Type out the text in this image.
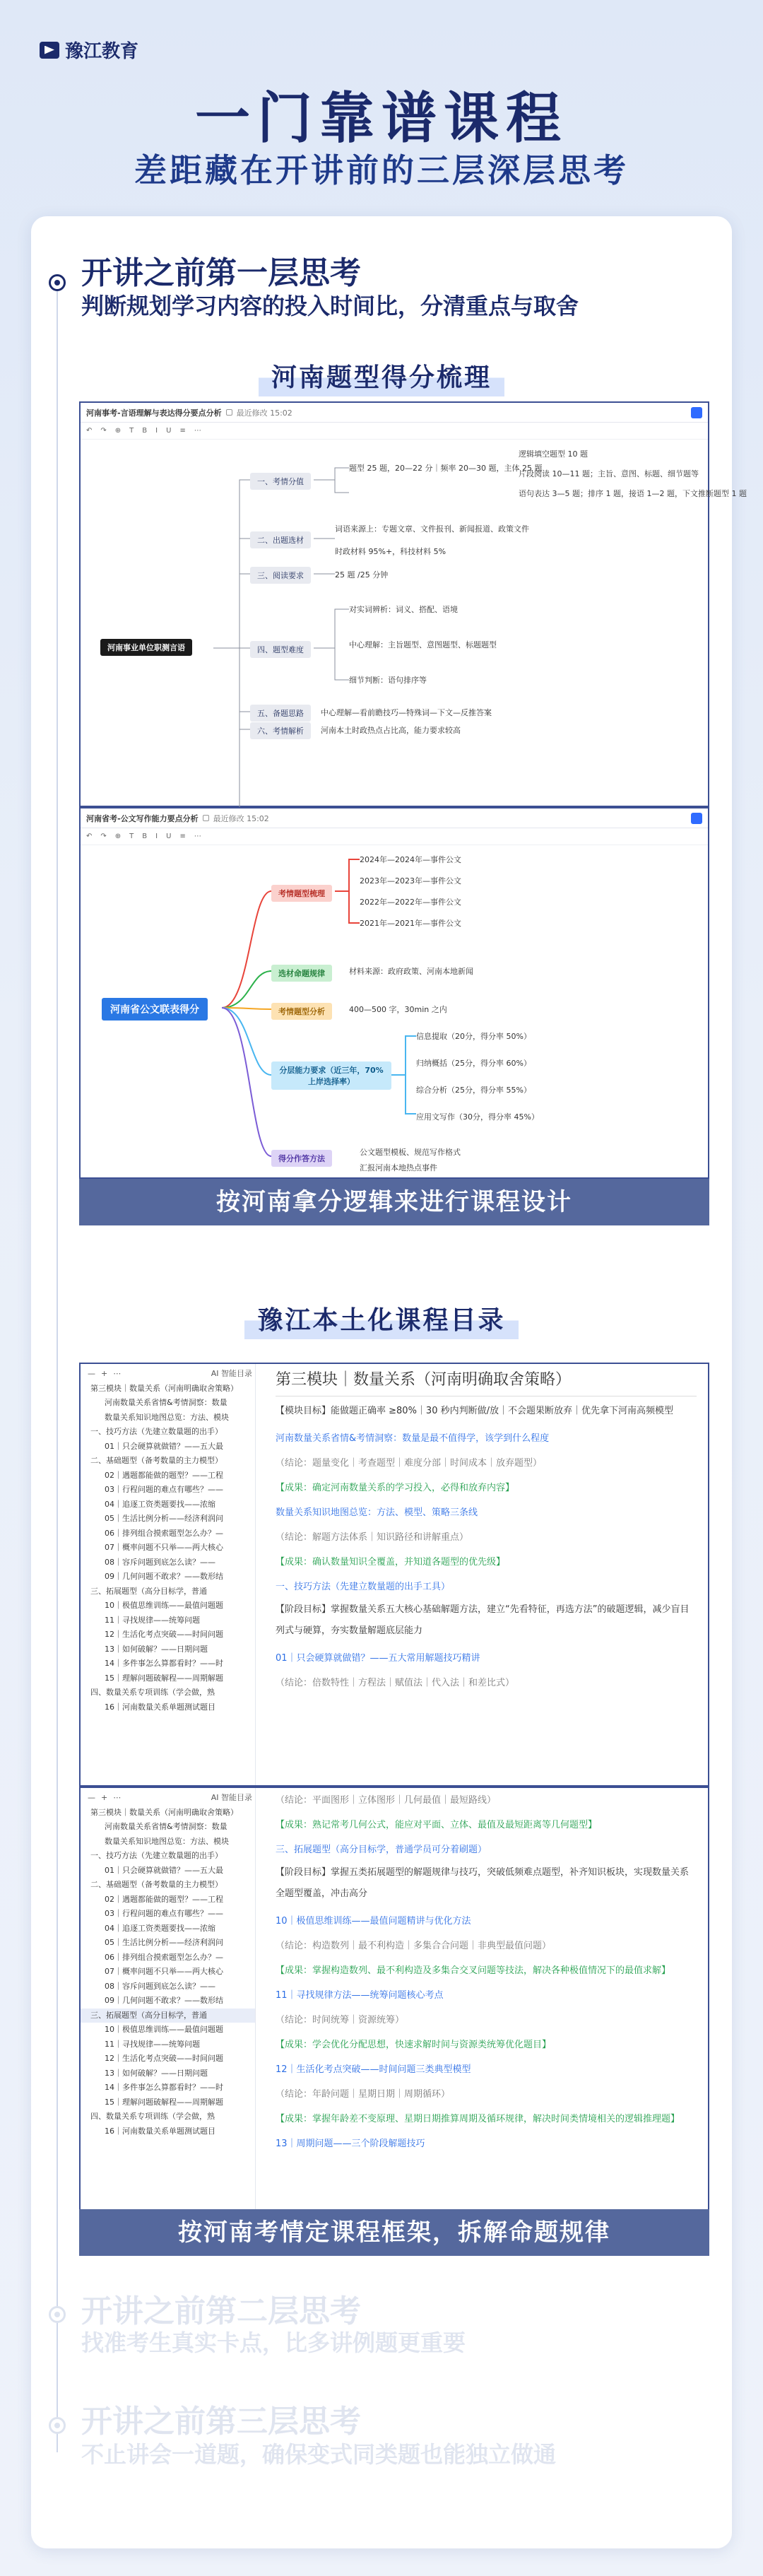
豫江教育
一门靠谱课程
差距藏在开讲前的三层深层思考
开讲之前第一层思考
判断规划学习内容的投入时间比，分清重点与取舍
河南题型得分梳理
河南事考-言语理解与表达得分要点分析 最近修改 15:02
↶ ↷ ⊕ T B I U ≡ ⋯
河南事业单位职测言语
一、考情分值
二、出题选材
三、阅读要求
四、题型难度
五、备题思路
六、考情解析
题型 25 题，20—22 分｜频率 20—30 题，主体 25 题
逻辑填空题型 10 题
片段阅读 10—11 题；主旨、意图、标题、细节题等
语句表达 3—5 题；排序 1 题，接语 1—2 题，下文推断题型 1 题
词语来源上：专题文章、文件报刊、新闻报道、政策文件
时政材料 95%+，科技材料 5%
25 题 /25 分钟
对实词辨析：词义、搭配、语境
中心理解：主旨题型、意图题型、标题题型
细节判断：语句排序等
中心理解—看前瞻技巧—特殊词—下文—反推答案
河南本土时政热点占比高，能力要求较高
河南省考-公文写作能力要点分析 最近修改 15:02
↶ ↷ ⊕ T B I U ≡ ⋯
河南省公文联表得分
考情题型梳理
选材命题规律
考情题型分析
分层能力要求（近三年，70%上岸选择率）
得分作答方法
2024年—2024年—事件公文
2023年—2023年—事件公文
2022年—2022年—事件公文
2021年—2021年—事件公文
材料来源：政府政策、河南本地新闻
400—500 字，30min 之内
信息提取（20分，得分率 50%）
归纳概括（25分，得分率 60%）
综合分析（25分，得分率 55%）
应用文写作（30分，得分率 45%）
公文题型模板、规范写作格式
汇报河南本地热点事件
按河南拿分逻辑来进行课程设计
豫江本土化课程目录
— + ⋯	AI 智能目录
第三模块｜数量关系（河南明确取舍策略）
河南数量关系省情&考情洞察：数量
数量关系知识地图总览：方法、模块
一、技巧方法（先建立数量题的出手）
01｜只会硬算就做错？——五大最
二、基础题型（备考数量的主力模型）
02｜遇题都能做的题型？——工程
03｜行程问题的难点有哪些？——
04｜追逐工资类题要找——浓缩
05｜生活比例分析——经济利润问
06｜排列组合摸索题型怎么办？—
07｜概率问题不只举——两大核心
08｜容斥问题到底怎么读？——
09｜几何问题不敢求？——数形结
三、拓展题型（高分目标学，普通
10｜极值思维训练——最值问题题
11｜寻找规律——统筹问题
12｜生活化考点突破——时间问题
13｜如何破解？——日期问题
14｜多件事怎么算都看时？——时
15｜理解问题破解程——周期解题
四、数量关系专项训练（学会做，熟
16｜河南数量关系单题测试题目
第三模块｜数量关系（河南明确取舍策略）
【模块目标】能做题正确率 ≥80%｜30 秒内判断做/放｜不会题果断放弃｜优先拿下河南高频模型
河南数量关系省情&考情洞察：数量是最不值得学，该学到什么程度
（结论：题量变化｜考查题型｜难度分部｜时间成本｜放弃题型）
【成果：确定河南数量关系的学习投入，必得和放弃内容】
数量关系知识地图总览：方法、模型、策略三条线
（结论：解题方法体系｜知识路径和讲解重点）
【成果：确认数量知识全覆盖，并知道各题型的优先级】
一、技巧方法（先建立数量题的出手工具）
【阶段目标】掌握数量关系五大核心基础解题方法，建立“先看特征，再选方法”的破题逻辑，减少盲目列式与硬算，夯实数量解题底层能力
01｜只会硬算就做错？——五大常用解题技巧精讲
（结论：倍数特性｜方程法｜赋值法｜代入法｜和差比式）
— + ⋯	AI 智能目录
第三模块｜数量关系（河南明确取舍策略）
河南数量关系省情&考情洞察：数量
数量关系知识地图总览：方法、模块
一、技巧方法（先建立数量题的出手）
01｜只会硬算就做错？——五大最
二、基础题型（备考数量的主力模型）
02｜遇题都能做的题型？——工程
03｜行程问题的难点有哪些？——
04｜追逐工资类题要找——浓缩
05｜生活比例分析——经济利润问
06｜排列组合摸索题型怎么办？—
07｜概率问题不只举——两大核心
08｜容斥问题到底怎么读？——
09｜几何问题不敢求？——数形结
三、拓展题型（高分目标学，普通
10｜极值思维训练——最值问题题
11｜寻找规律——统筹问题
12｜生活化考点突破——时间问题
13｜如何破解？——日期问题
14｜多件事怎么算都看时？——时
15｜理解问题破解程——周期解题
四、数量关系专项训练（学会做，熟
16｜河南数量关系单题测试题目
（结论：平面图形｜立体图形｜几何最值｜最短路线）
【成果：熟记常考几何公式，能应对平面、立体、最值及最短距离等几何题型】
三、拓展题型（高分目标学，普通学员可分着刷题）
【阶段目标】掌握五类拓展题型的解题规律与技巧，突破低频难点题型，补齐知识板块，实现数量关系全题型覆盖，冲击高分
10｜极值思维训练——最值问题精讲与优化方法
（结论：构造数列｜最不利构造｜多集合合问题｜非典型最值问题）
【成果：掌握构造数列、最不利构造及多集合交叉问题等技法，解决各种极值情况下的最值求解】
11｜寻找规律方法——统筹问题核心考点
（结论：时间统筹｜资源统筹）
【成果：学会优化分配思想，快速求解时间与资源类统筹优化题目】
12｜生活化考点突破——时间问题三类典型模型
（结论：年龄问题｜星期日期｜周期循环）
【成果：掌握年龄差不变原理、星期日期推算周期及循环规律，解决时间类情境相关的逻辑推理题】
13｜周期问题——三个阶段解题技巧
按河南考情定课程框架，拆解命题规律
开讲之前第二层思考
找准考生真实卡点，比多讲例题更重要
开讲之前第三层思考
不止讲会一道题，确保变式同类题也能独立做通
